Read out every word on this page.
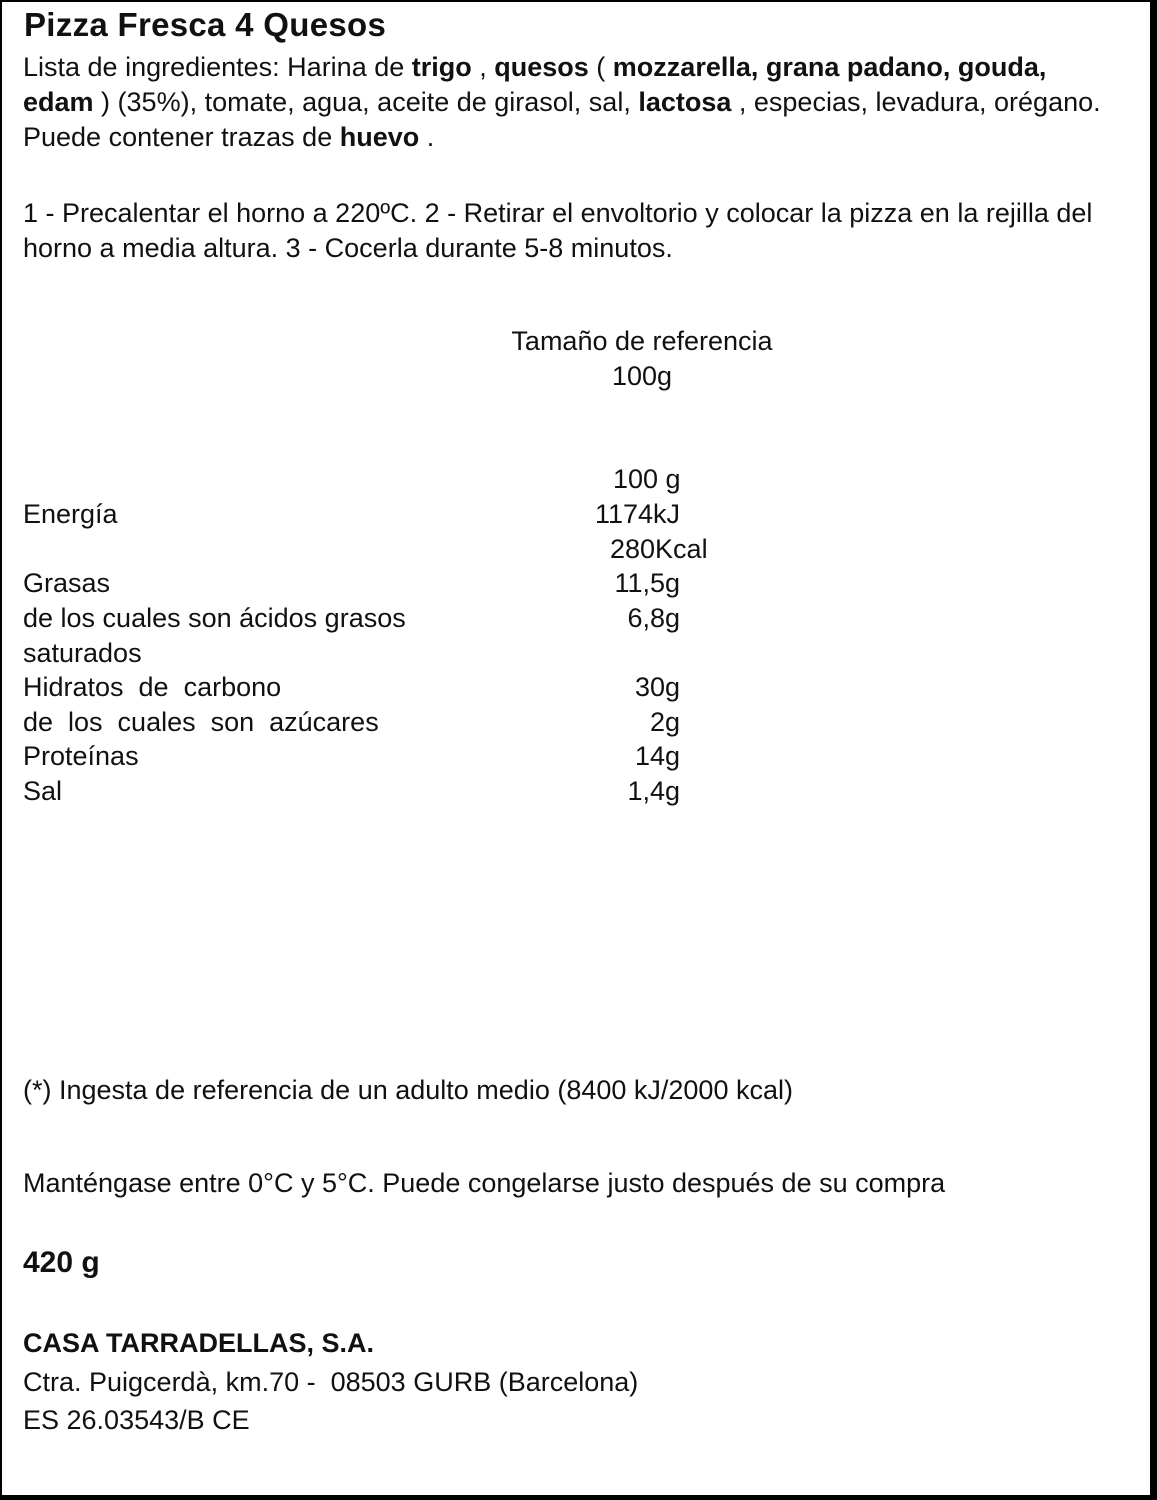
Pizza Fresca 4 Quesos
Lista de ingredientes: Harina de trigo , quesos ( mozzarella, grana padano, gouda, edam ) (35%), tomate, agua, aceite de girasol, sal, lactosa , especias, levadura, orégano. Puede contener trazas de huevo .
1 - Precalentar el horno a 220ºC. 2 - Retirar el envoltorio y colocar la pizza en la rejilla del horno a media altura. 3 - Cocerla durante 5-8 minutos.
Tamaño de referencia
100g
100 g
Energía	1174kJ
280Kcal
Grasas	11,5g
de los cuales son ácidos grasos	6,8g
saturados
Hidratos  de  carbono	30g
de  los  cuales  son  azúcares	2g
Proteínas	14g
Sal	1,4g
(*) Ingesta de referencia de un adulto medio (8400 kJ/2000 kcal)
Manténgase entre 0°C y 5°C. Puede congelarse justo después de su compra
420 g
CASA TARRADELLAS, S.A.
Ctra. Puigcerdà, km.70 -  08503 GURB (Barcelona)
ES 26.03543/B CE
